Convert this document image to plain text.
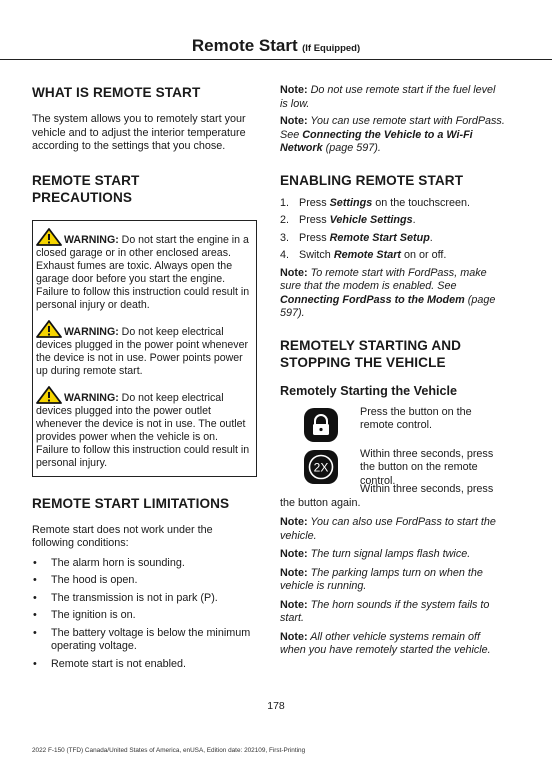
Remote Start (If Equipped)
WHAT IS REMOTE START

The system allows you to remotely start your vehicle and to adjust the interior temperature according to the settings that you chose.

REMOTE START
PRECAUTIONS

WARNING: Do not start the engine in a closed garage or in other enclosed areas. Exhaust fumes are toxic. Always open the garage door before you start the engine. Failure to follow this instruction could result in personal injury or death.

WARNING: Do not keep electrical devices plugged in the power point whenever the device is not in use. Power points power up during remote start.

WARNING: Do not keep electrical devices plugged into the power outlet whenever the device is not in use. The outlet provides power when the vehicle is on. Failure to follow this instruction could result in personal injury.

REMOTE START LIMITATIONS

Remote start does not work under the following conditions:

• The alarm horn is sounding.
• The hood is open.
• The transmission is not in park (P).
• The ignition is on.
• The battery voltage is below the minimum operating voltage.
• Remote start is not enabled.

Note: Do not use remote start if the fuel level is low.

Note: You can use remote start with FordPass. See Connecting the Vehicle to a Wi-Fi Network (page 597).

ENABLING REMOTE START
1. Press Settings on the touchscreen.
2. Press Vehicle Settings.
3. Press Remote Start Setup.
4. Switch Remote Start on or off.

Note: To remote start with FordPass, make sure that the modem is enabled. See Connecting FordPass to the Modem (page 597).

REMOTELY STARTING AND
STOPPING THE VEHICLE
Remotely Starting the Vehicle

Press the button on the remote control.

2X

Within three seconds, press the button on the remote control.

Within three seconds, press the button again.

Note: You can also use FordPass to start the vehicle.

Note: The turn signal lamps flash twice.

Note: The parking lamps turn on when the vehicle is running.

Note: The horn sounds if the system fails to start.

Note: All other vehicle systems remain off when you have remotely started the vehicle.

178
2022 F-150 (TFD) Canada/United States of America, enUSA, Edition date: 202109, First-Printing
